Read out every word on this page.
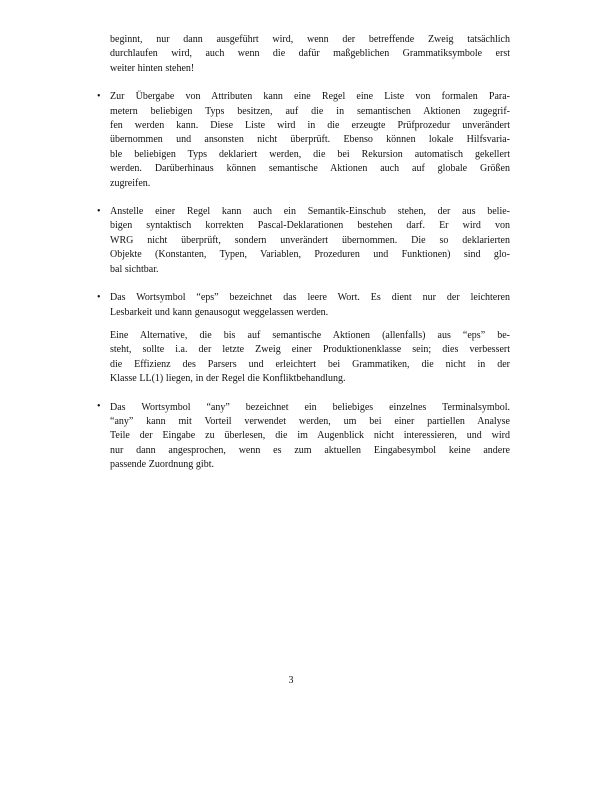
beginnt, nur dann ausgeführt wird, wenn der betreffende Zweig tatsächlich
durchlaufen wird, auch wenn die dafür maßgeblichen Grammatiksymbole erst
weiter hinten stehen!
• Zur Übergabe von Attributen kann eine Regel eine Liste von formalen Para-
metern beliebigen Typs besitzen, auf die in semantischen Aktionen zugegrif-
fen werden kann. Diese Liste wird in die erzeugte Prüfprozedur unverändert
übernommen und ansonsten nicht überprüft. Ebenso können lokale Hilfsvaria-
ble beliebigen Typs deklariert werden, die bei Rekursion automatisch gekellert
werden. Darüberhinaus können semantische Aktionen auch auf globale Größen
zugreifen.
• Anstelle einer Regel kann auch ein Semantik-Einschub stehen, der aus belie-
bigen syntaktisch korrekten Pascal-Deklarationen bestehen darf. Er wird von
WRG nicht überprüft, sondern unverändert übernommen. Die so deklarierten
Objekte (Konstanten, Typen, Variablen, Prozeduren und Funktionen) sind glo-
bal sichtbar.
• Das Wortsymbol “eps” bezeichnet das leere Wort. Es dient nur der leichteren
Lesbarkeit und kann genausogut weggelassen werden.
Eine Alternative, die bis auf semantische Aktionen (allenfalls) aus “eps” be-
steht, sollte i.a. der letzte Zweig einer Produktionenklasse sein; dies verbessert
die Effizienz des Parsers und erleichtert bei Grammatiken, die nicht in der
Klasse LL(1) liegen, in der Regel die Konfliktbehandlung.
• Das Wortsymbol “any” bezeichnet ein beliebiges einzelnes Terminalsymbol.
“any” kann mit Vorteil verwendet werden, um bei einer partiellen Analyse
Teile der Eingabe zu überlesen, die im Augenblick nicht interessieren, und wird
nur dann angesprochen, wenn es zum aktuellen Eingabesymbol keine andere
passende Zuordnung gibt.
3
